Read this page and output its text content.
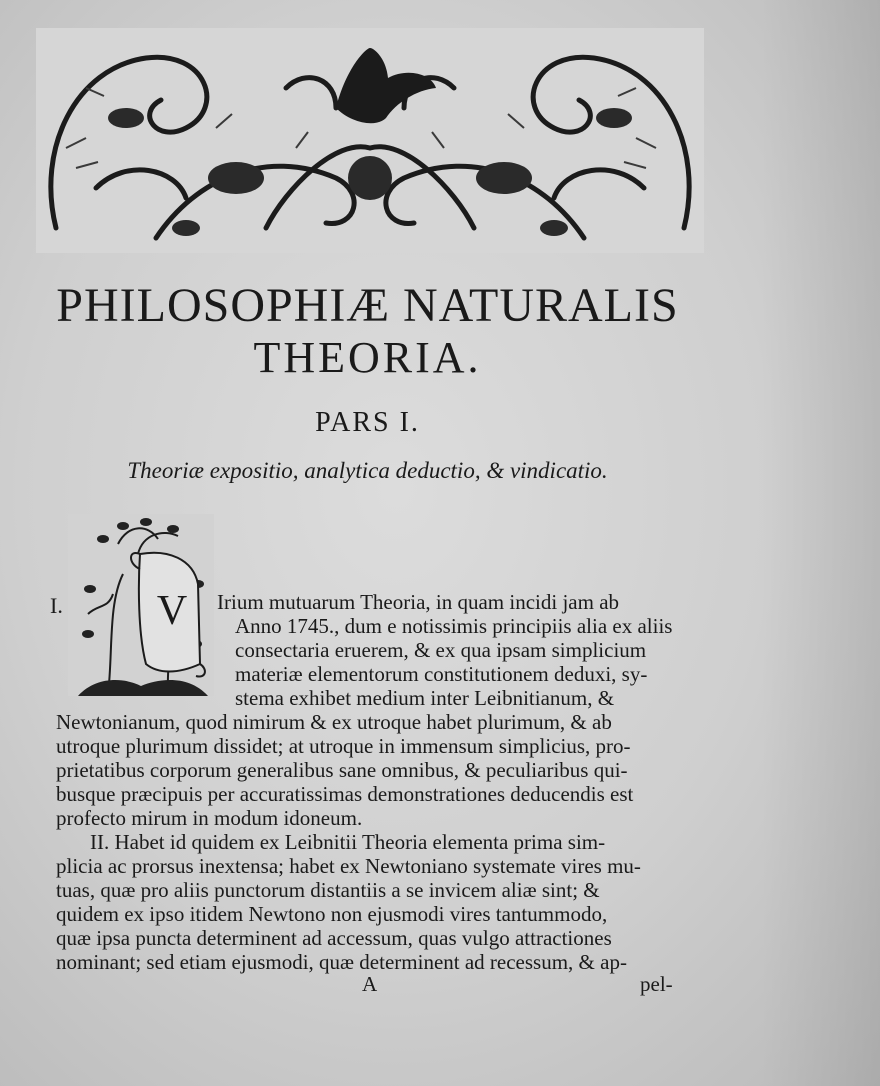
PHILOSOPHIÆ NATURALIS
THEORIA.
PARS I.
Theoriæ expositio, analytica deductio, & vindicatio.
V
I.	Irium mutuarum Theoria, in quam incidi jam ab
Anno 1745., dum e notissimis principiis alia ex aliis
consectaria eruerem, & ex qua ipsam simplicium
materiæ elementorum constitutionem deduxi, sy-
stema exhibet medium inter Leibnitianum, &
Newtonianum, quod nimirum & ex utroque habet plurimum, & ab
utroque plurimum dissidet; at utroque in immensum simplicius, pro-
prietatibus corporum generalibus sane omnibus, & peculiaribus qui-
busque præcipuis per accuratissimas demonstrationes deducendis est
profecto mirum in modum idoneum.
II. Habet id quidem ex Leibnitii Theoria elementa prima sim-
plicia ac prorsus inextensa; habet ex Newtoniano systemate vires mu-
tuas, quæ pro aliis punctorum distantiis a se invicem aliæ sint; &
quidem ex ipso itidem Newtono non ejusmodi vires tantummodo,
quæ ipsa puncta determinent ad accessum, quas vulgo attractiones
nominant; sed etiam ejusmodi, quæ determinent ad recessum, & ap-
A	pel-
